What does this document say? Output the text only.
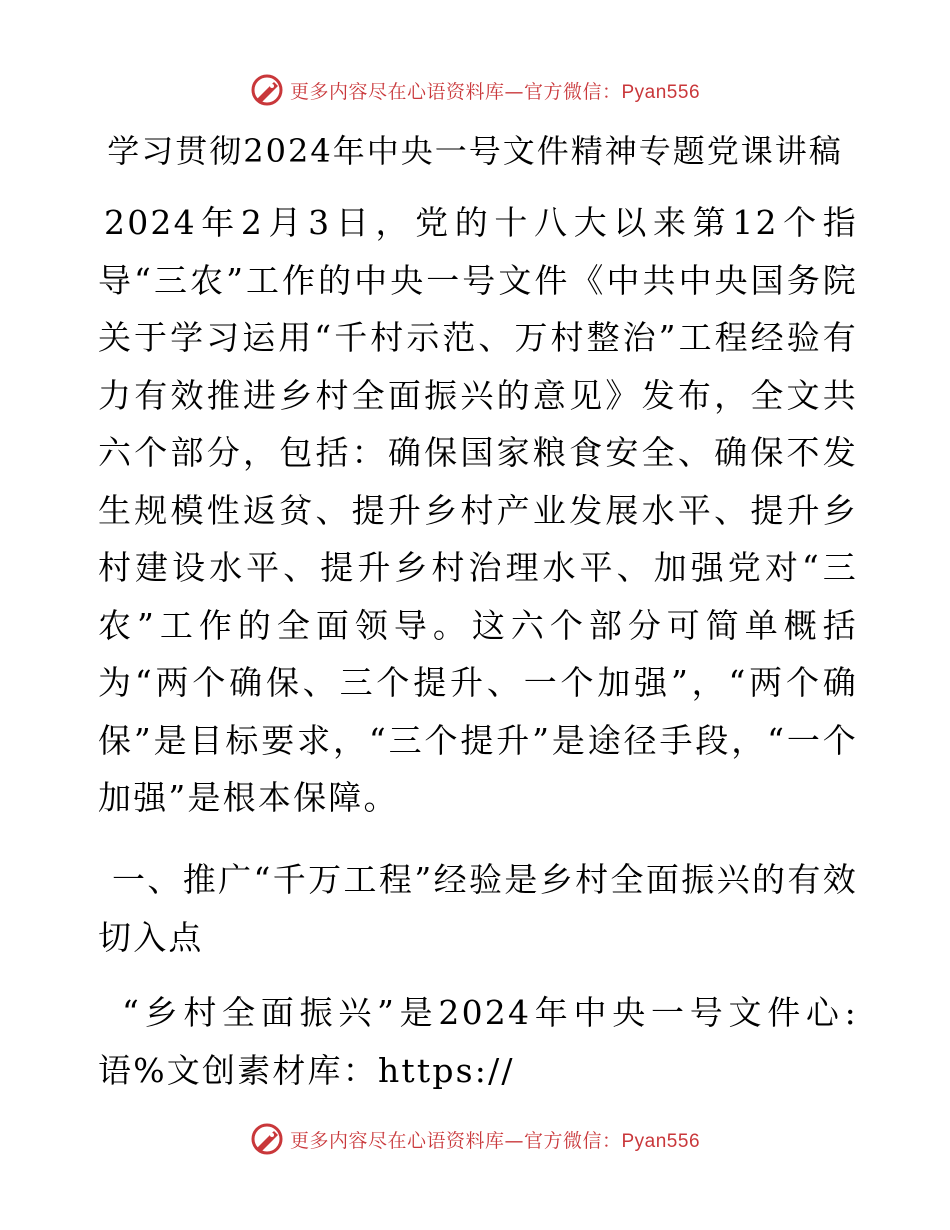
更多内容尽在心语资料库—官方微信：Pyan556
学习贯彻2024年中央一号文件精神专题党课讲稿
2024年2月3日，党的十八大以来第12个指导“三农”工作的中央一号文件《中共中央国务院关于学习运用“千村示范、万村整治”工程经验有力有效推进乡村全面振兴的意见》发布，全文共六个部分，包括：确保国家粮食安全、确保不发生规模性返贫、提升乡村产业发展水平、提升乡村建设水平、提升乡村治理水平、加强党对“三农”工作的全面领导。这六个部分可简单概括为“两个确保、三个提升、一个加强”，“两个确保”是目标要求，“三个提升”是途径手段，“一个加强”是根本保障。
一、推广“千万工程”经验是乡村全面振兴的有效切入点
“乡村全面振兴”是2024年中央一号文件心:语%文创素材库：https://
更多内容尽在心语资料库—官方微信：Pyan556
